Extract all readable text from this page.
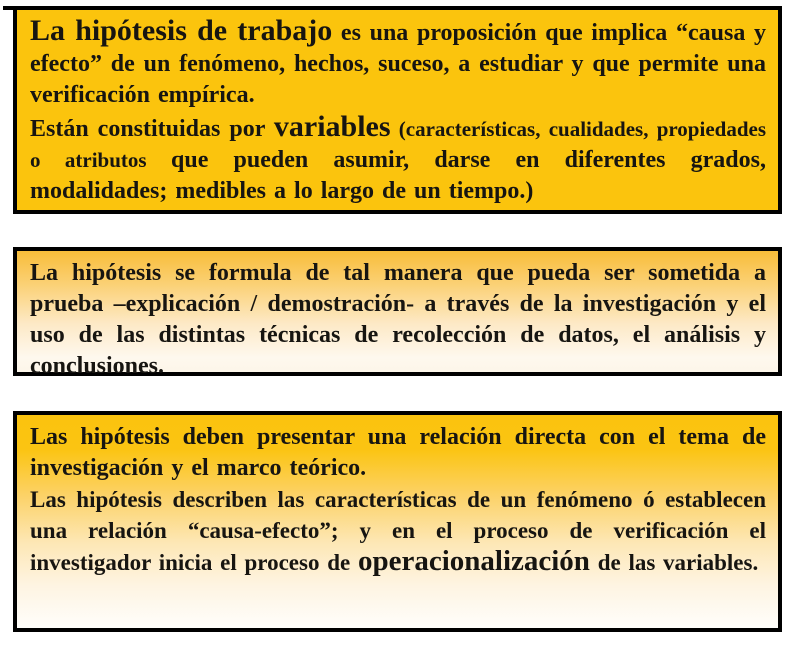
La hipótesis de trabajo es una proposición que implica “causa y efecto” de un fenómeno, hechos, suceso, a estudiar y que permite una verificación empírica.

Están constituidas por variables (características, cualidades, propiedades o atributos que pueden asumir, darse en diferentes grados, modalidades; medibles a lo largo de un tiempo.)

La hipótesis se formula de tal manera que pueda ser sometida a prueba –explicación / demostración- a través de la investigación y el uso de las distintas técnicas de recolección de datos, el análisis y conclusiones.

Las hipótesis deben presentar una relación directa con el tema de investigación y el marco teórico.

Las hipótesis describen las características de un fenómeno ó establecen una relación “causa-efecto”; y en el proceso de verificación el investigador inicia el proceso de operacionalización de las variables.
